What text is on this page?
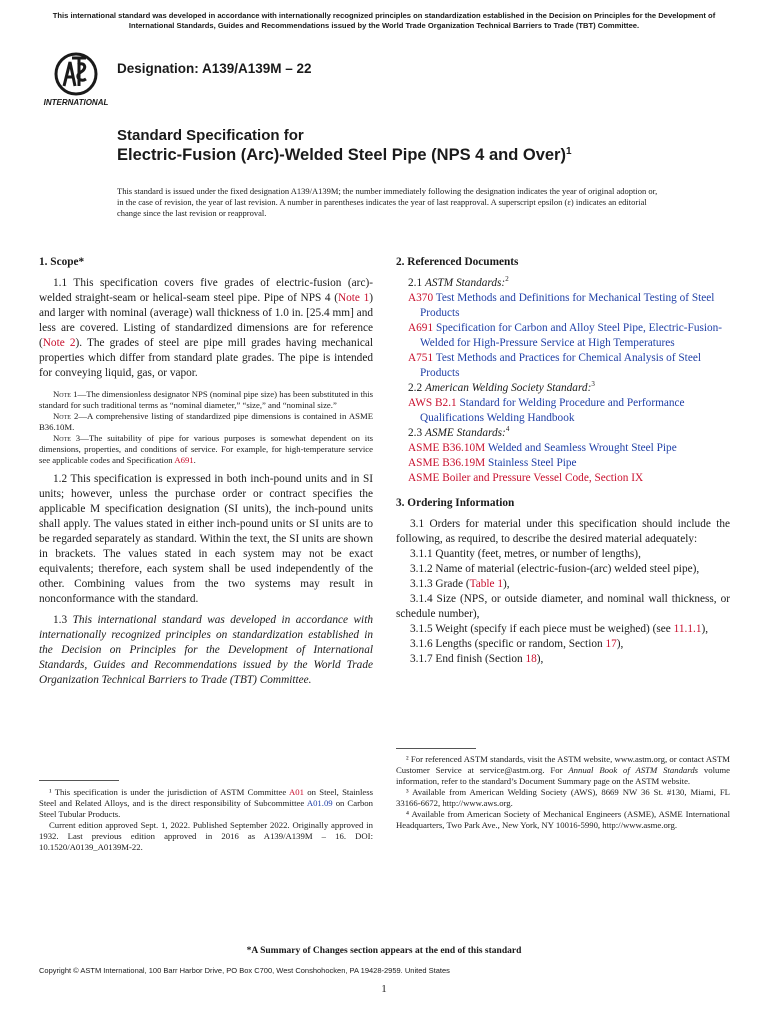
This international standard was developed in accordance with internationally recognized principles on standardization established in the Decision on Principles for the Development of International Standards, Guides and Recommendations issued by the World Trade Organization Technical Barriers to Trade (TBT) Committee.
INTERNATIONAL
Designation: A139/A139M – 22
Standard Specification for
Electric-Fusion (Arc)-Welded Steel Pipe (NPS 4 and Over)$^1$
This standard is issued under the fixed designation A139/A139M; the number immediately following the designation indicates the year of original adoption or, in the case of revision, the year of last revision. A number in parentheses indicates the year of last reapproval. A superscript epsilon (ε) indicates an editorial change since the last revision or reapproval.
1. Scope*

1.1 This specification covers five grades of electric-fusion (arc)-welded straight-seam or helical-seam steel pipe. Pipe of NPS 4 (Note 1) and larger with nominal (average) wall thickness of 1.0 in. [25.4 mm] and less are covered. Listing of standardized dimensions are for reference (Note 2). The grades of steel are pipe mill grades having mechanical properties which differ from standard plate grades. The pipe is intended for conveying liquid, gas, or vapor.

Note 1—The dimensionless designator NPS (nominal pipe size) has been substituted in this standard for such traditional terms as “nominal diameter,” “size,” and “nominal size.”

Note 2—A comprehensive listing of standardized pipe dimensions is contained in ASME B36.10M.

Note 3—The suitability of pipe for various purposes is somewhat dependent on its dimensions, properties, and conditions of service. For example, for high-temperature service see applicable codes and Specification A691.

1.2 This specification is expressed in both inch-pound units and in SI units; however, unless the purchase order or contract specifies the applicable M specification designation (SI units), the inch-pound units shall apply. The values stated in either inch-pound units or SI units are to be regarded separately as standard. Within the text, the SI units are shown in brackets. The values stated in each system may not be exact equivalents; therefore, each system shall be used independently of the other. Combining values from the two systems may result in nonconformance with the standard.

1.3 This international standard was developed in accordance with internationally recognized principles on standardization established in the Decision on Principles for the Development of International Standards, Guides and Recommendations issued by the World Trade Organization Technical Barriers to Trade (TBT) Committee.

¹ This specification is under the jurisdiction of ASTM Committee A01 on Steel, Stainless Steel and Related Alloys, and is the direct responsibility of Subcommittee A01.09 on Carbon Steel Tubular Products.

Current edition approved Sept. 1, 2022. Published September 2022. Originally approved in 1932. Last previous edition approved in 2016 as A139/A139M – 16. DOI: 10.1520/A0139_A0139M-22.

2. Referenced Documents

2.1 ASTM Standards:$^2$

A370 Test Methods and Definitions for Mechanical Testing of Steel Products

A691 Specification for Carbon and Alloy Steel Pipe, Electric-Fusion-Welded for High-Pressure Service at High Temperatures

A751 Test Methods and Practices for Chemical Analysis of Steel Products

2.2 American Welding Society Standard:$^3$

AWS B2.1 Standard for Welding Procedure and Performance Qualifications Welding Handbook

2.3 ASME Standards:$^4$

ASME B36.10M Welded and Seamless Wrought Steel Pipe

ASME B36.19M Stainless Steel Pipe

ASME Boiler and Pressure Vessel Code, Section IX

3. Ordering Information

3.1 Orders for material under this specification should include the following, as required, to describe the desired material adequately:

3.1.1 Quantity (feet, metres, or number of lengths),

3.1.2 Name of material (electric-fusion-(arc) welded steel pipe),

3.1.3 Grade (Table 1),

3.1.4 Size (NPS, or outside diameter, and nominal wall thickness, or schedule number),

3.1.5 Weight (specify if each piece must be weighed) (see 11.1.1),

3.1.6 Lengths (specific or random, Section 17),

3.1.7 End finish (Section 18),

² For referenced ASTM standards, visit the ASTM website, www.astm.org, or contact ASTM Customer Service at service@astm.org. For Annual Book of ASTM Standards volume information, refer to the standard’s Document Summary page on the ASTM website.

³ Available from American Welding Society (AWS), 8669 NW 36 St. #130, Miami, FL 33166-6672, http://www.aws.org.

⁴ Available from American Society of Mechanical Engineers (ASME), ASME International Headquarters, Two Park Ave., New York, NY 10016-5990, http://www.asme.org.

*A Summary of Changes section appears at the end of this standard
Copyright © ASTM International, 100 Barr Harbor Drive, PO Box C700, West Conshohocken, PA 19428-2959. United States
1
